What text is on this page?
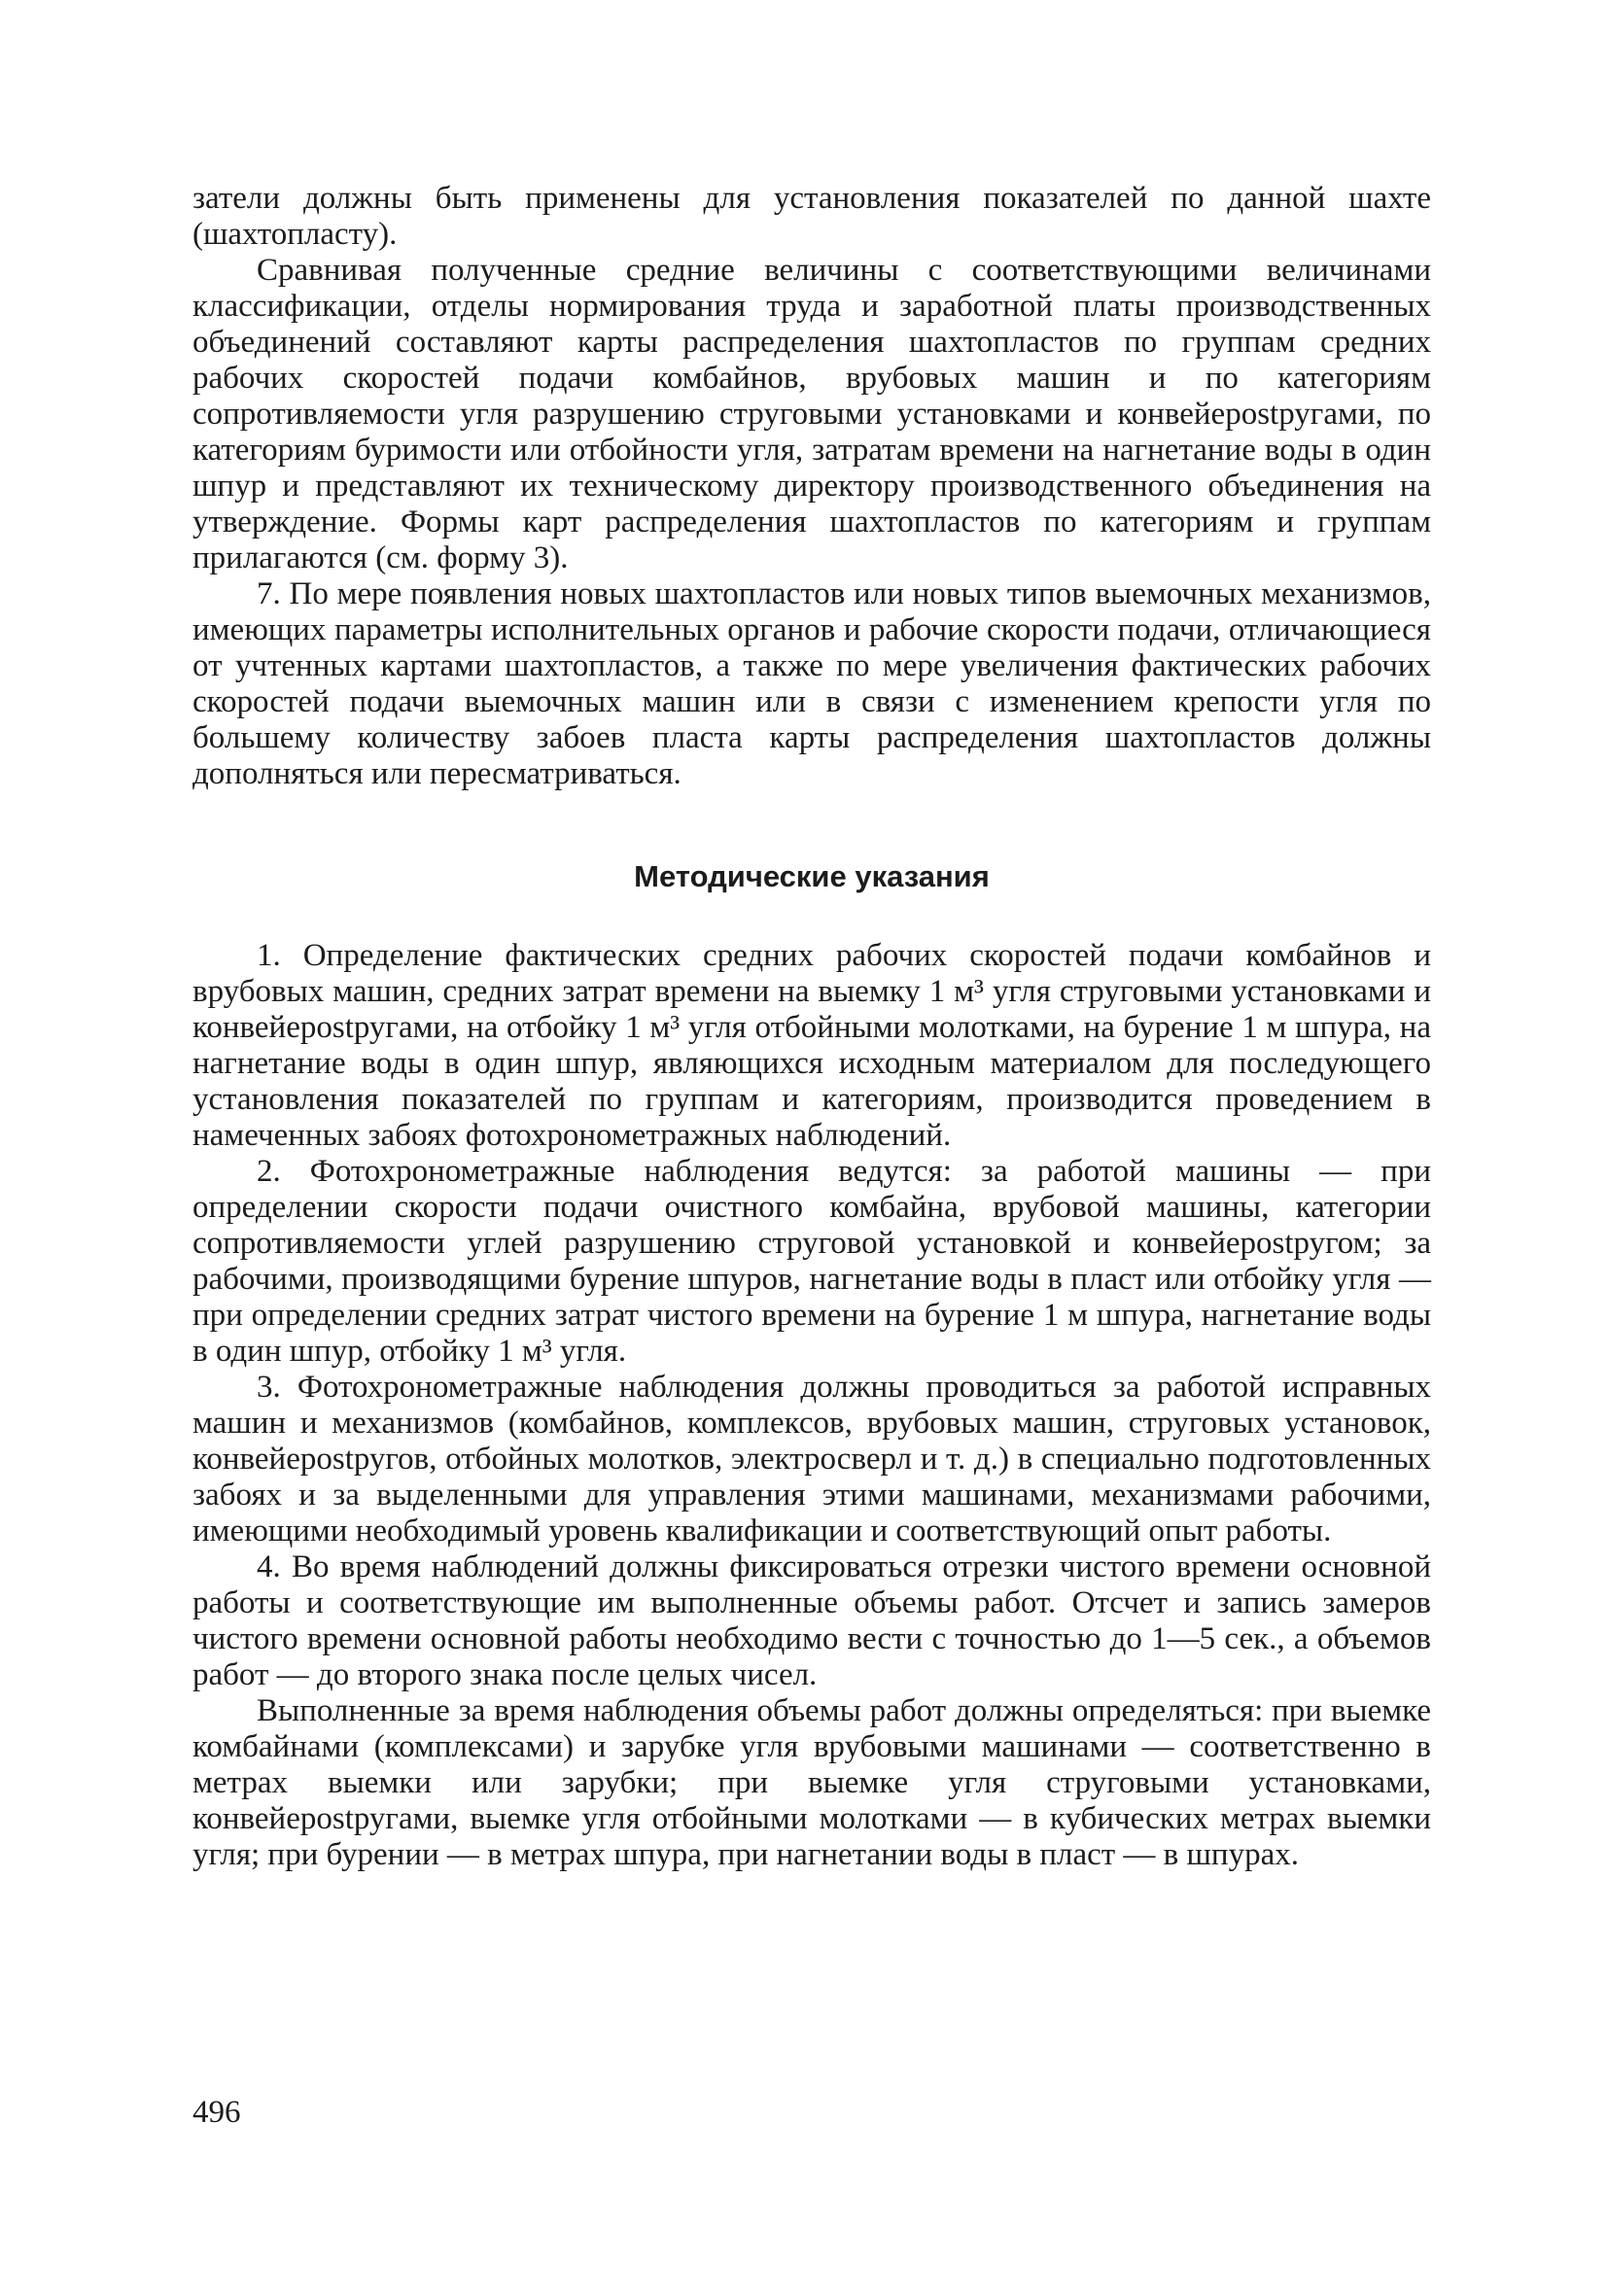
затели должны быть применены для установления показателей по данной шахте (шахтопласту).

Сравнивая полученные средние величины с соответствующими величинами классификации, отделы нормирования труда и заработной платы производственных объединений составляют карты распределения шахтопластов по группам средних рабочих скоростей подачи комбайнов, врубовых машин и по категориям сопротивляемости угля разрушению струговыми установками и конвейерostругами, по категориям буримости или отбойности угля, затратам времени на нагнетание воды в один шпур и представляют их техническому директору производственного объединения на утверждение. Формы карт распределения шахтопластов по категориям и группам прилагаются (см. форму 3).

7. По мере появления новых шахтопластов или новых типов выемочных механизмов, имеющих параметры исполнительных органов и рабочие скорости подачи, отличающиеся от учтенных картами шахтопластов, а также по мере увеличения фактических рабочих скоростей подачи выемочных машин или в связи с изменением крепости угля по большему количеству забоев пласта карты распределения шахтопластов должны дополняться или пересматриваться.

Методические указания

1. Определение фактических средних рабочих скоростей подачи комбайнов и врубовых машин, средних затрат времени на выемку 1 м³ угля струговыми установками и конвейероstругами, на отбойку 1 м³ угля отбойными молотками, на бурение 1 м шпура, на нагнетание воды в один шпур, являющихся исходным материалом для последующего установления показателей по группам и категориям, производится проведением в намеченных забоях фотохронометражных наблюдений.

2. Фотохронометражные наблюдения ведутся: за работой машины — при определении скорости подачи очистного комбайна, врубовой машины, категории сопротивляемости углей разрушению струговой установкой и конвейероstругом; за рабочими, производящими бурение шпуров, нагнетание воды в пласт или отбойку угля — при определении средних затрат чистого времени на бурение 1 м шпура, нагнетание воды в один шпур, отбойку 1 м³ угля.

3. Фотохронометражные наблюдения должны проводиться за работой исправных машин и механизмов (комбайнов, комплексов, врубовых машин, струговых установок, конвейероstругов, отбойных молотков, электросверл и т. д.) в специально подготовленных забоях и за выделенными для управления этими машинами, механизмами рабочими, имеющими необходимый уровень квалификации и соответствующий опыт работы.

4. Во время наблюдений должны фиксироваться отрезки чистого времени основной работы и соответствующие им выполненные объемы работ. Отсчет и запись замеров чистого времени основной работы необходимо вести с точностью до 1—5 сек., а объемов работ — до второго знака после целых чисел.

Выполненные за время наблюдения объемы работ должны определяться: при выемке комбайнами (комплексами) и зарубке угля врубовыми машинами — соответственно в метрах выемки или зарубки; при выемке угля струговыми установками, конвейероstругами, выемке угля отбойными молотками — в кубических метрах выемки угля; при бурении — в метрах шпура, при нагнетании воды в пласт — в шпурах.

496
